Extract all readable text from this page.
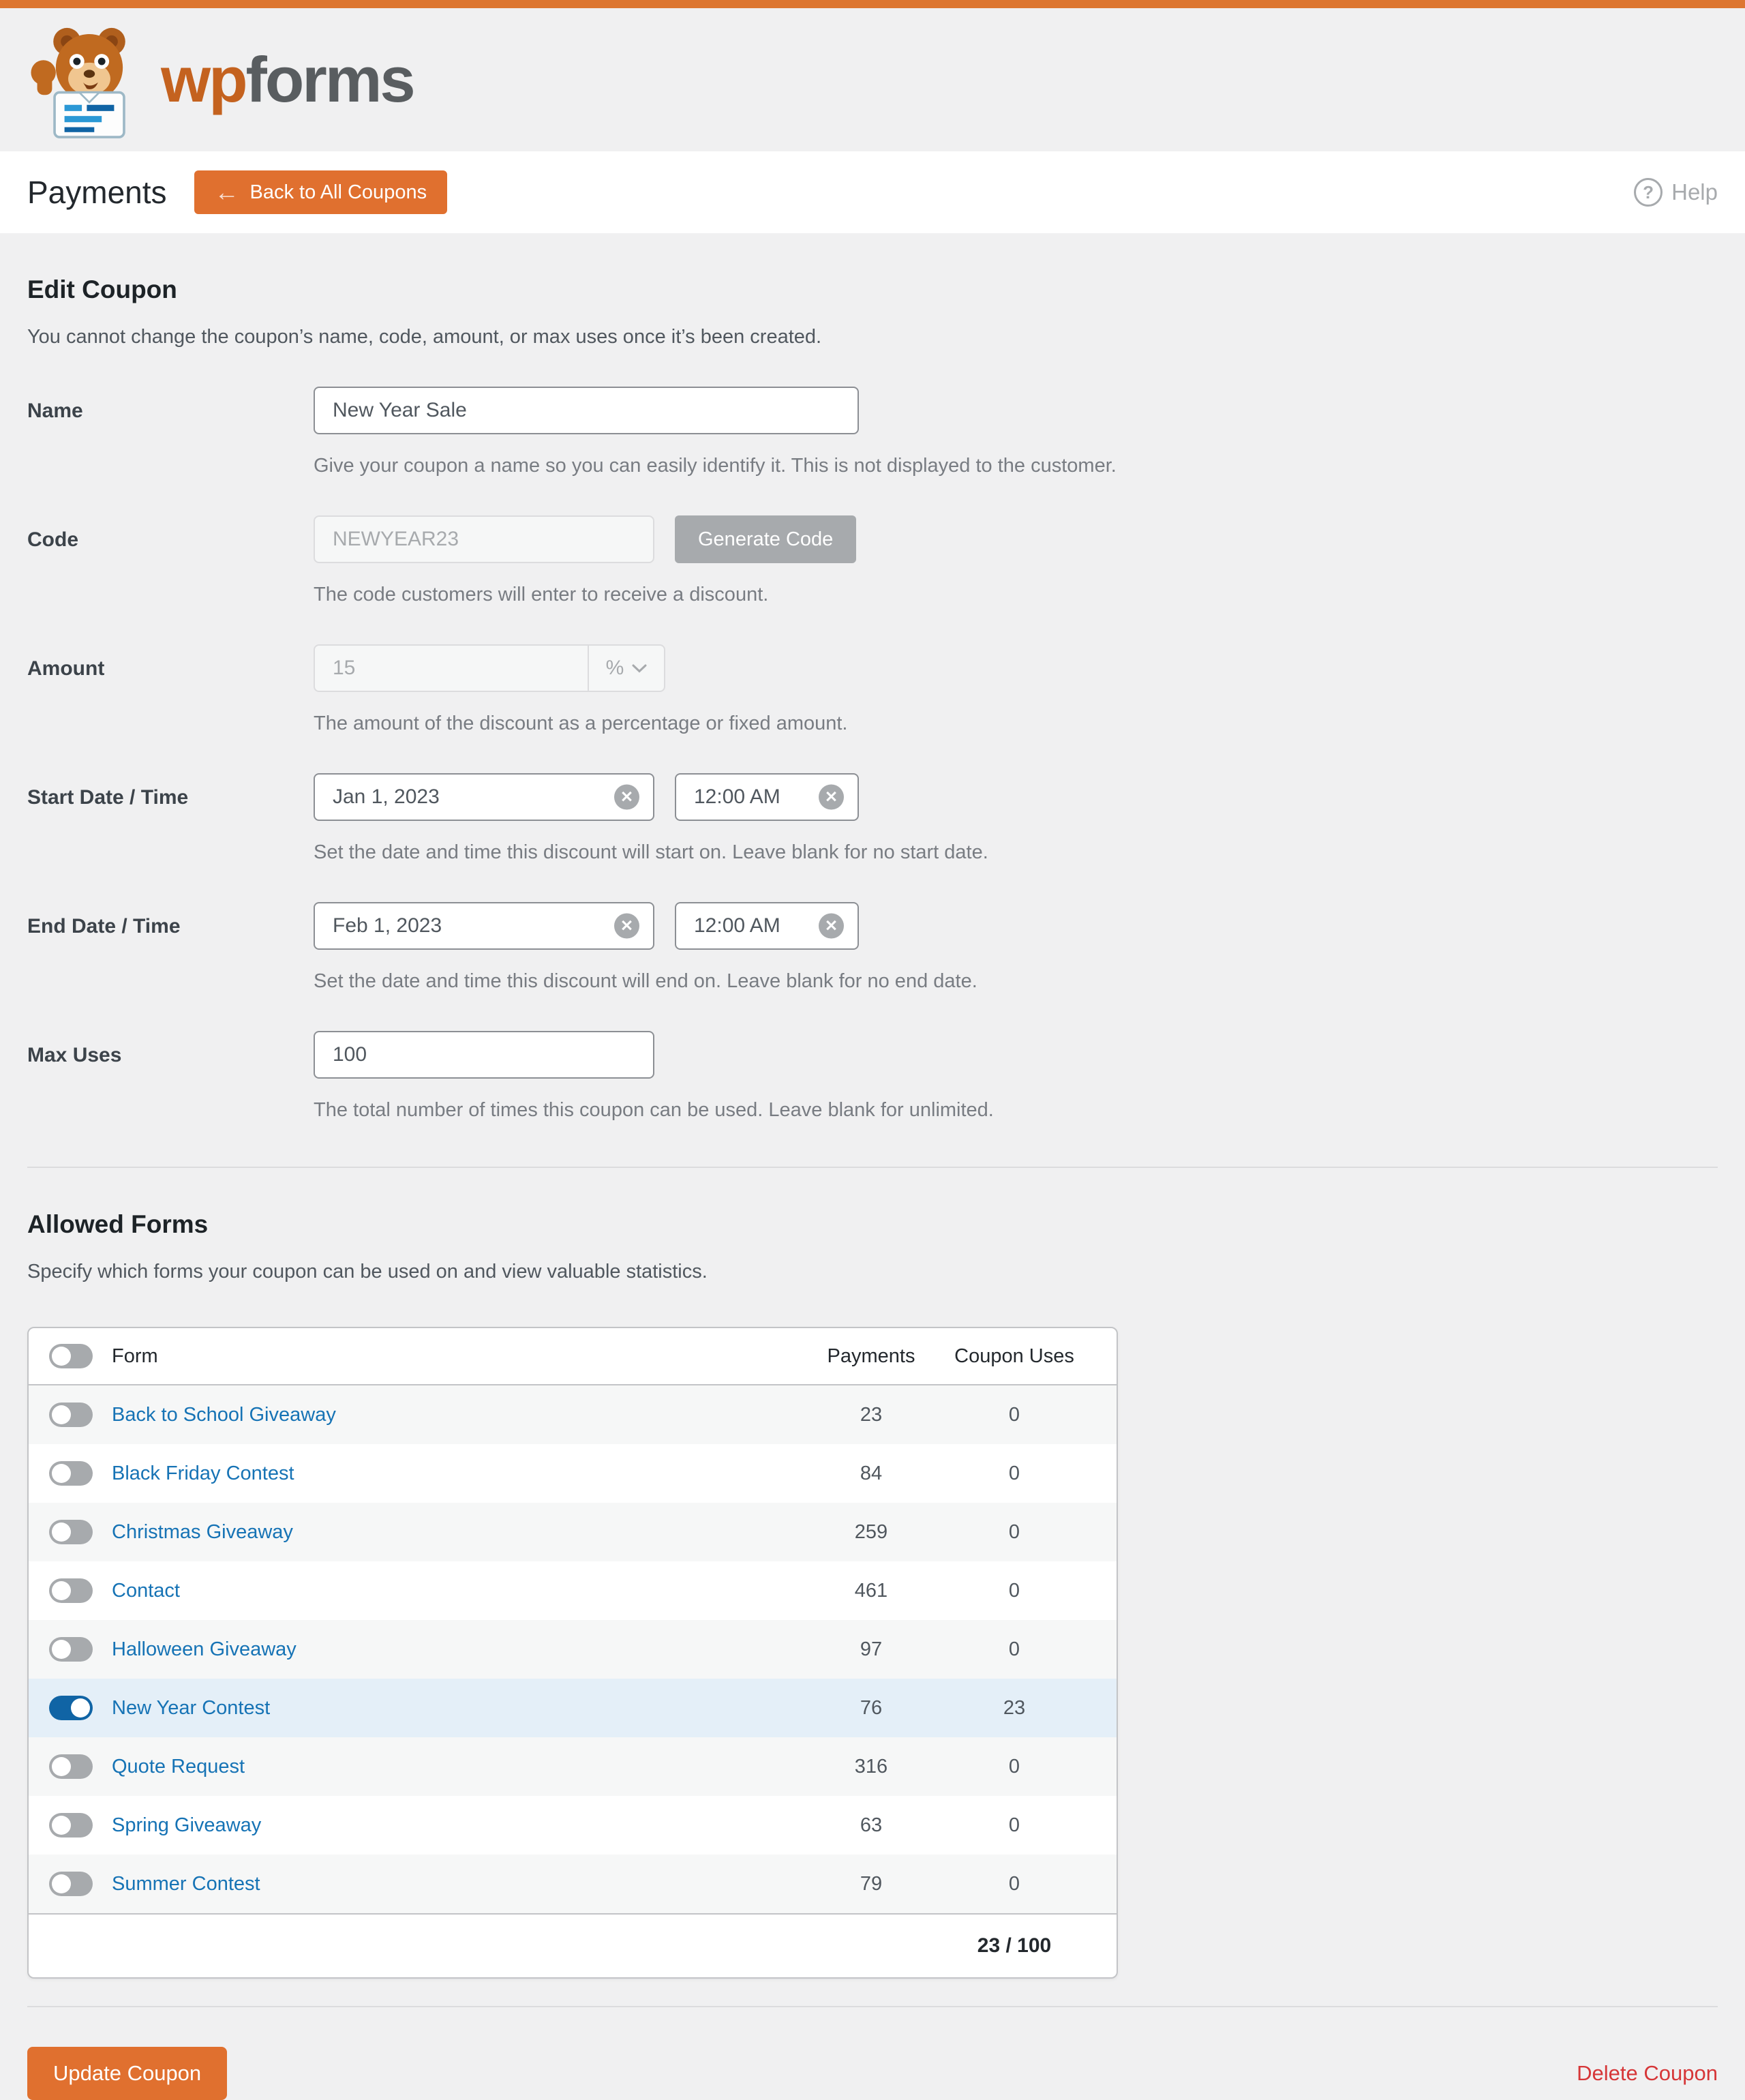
wpforms
Payments ← Back to All Coupons	? Help
Edit Coupon

You cannot change the coupon’s name, code, amount, or max uses once it’s been created.

Name
New Year Sale
Give your coupon a name so you can easily identify it. This is not displayed to the customer.
Code
NEWYEAR23	Generate Code
The code customers will enter to receive a discount.
Amount
15	%
The amount of the discount as a percentage or fixed amount.
Start Date / Time
Jan 1, 2023	✕
12:00 AM	✕
Set the date and time this discount will start on. Leave blank for no start date.
End Date / Time
Feb 1, 2023	✕
12:00 AM	✕
Set the date and time this discount will end on. Leave blank for no end date.
Max Uses
100
The total number of times this coupon can be used. Leave blank for unlimited.
Allowed Forms

Specify which forms your coupon can be used on and view valuable statistics.

Form	Payments	Coupon Uses
Back to School Giveaway	23	0
Black Friday Contest	84	0
Christmas Giveaway	259	0
Contact	461	0
Halloween Giveaway	97	0
New Year Contest	76	23
Quote Request	316	0
Spring Giveaway	63	0
Summer Contest	79	0
23 / 100
Update Coupon	Delete Coupon
